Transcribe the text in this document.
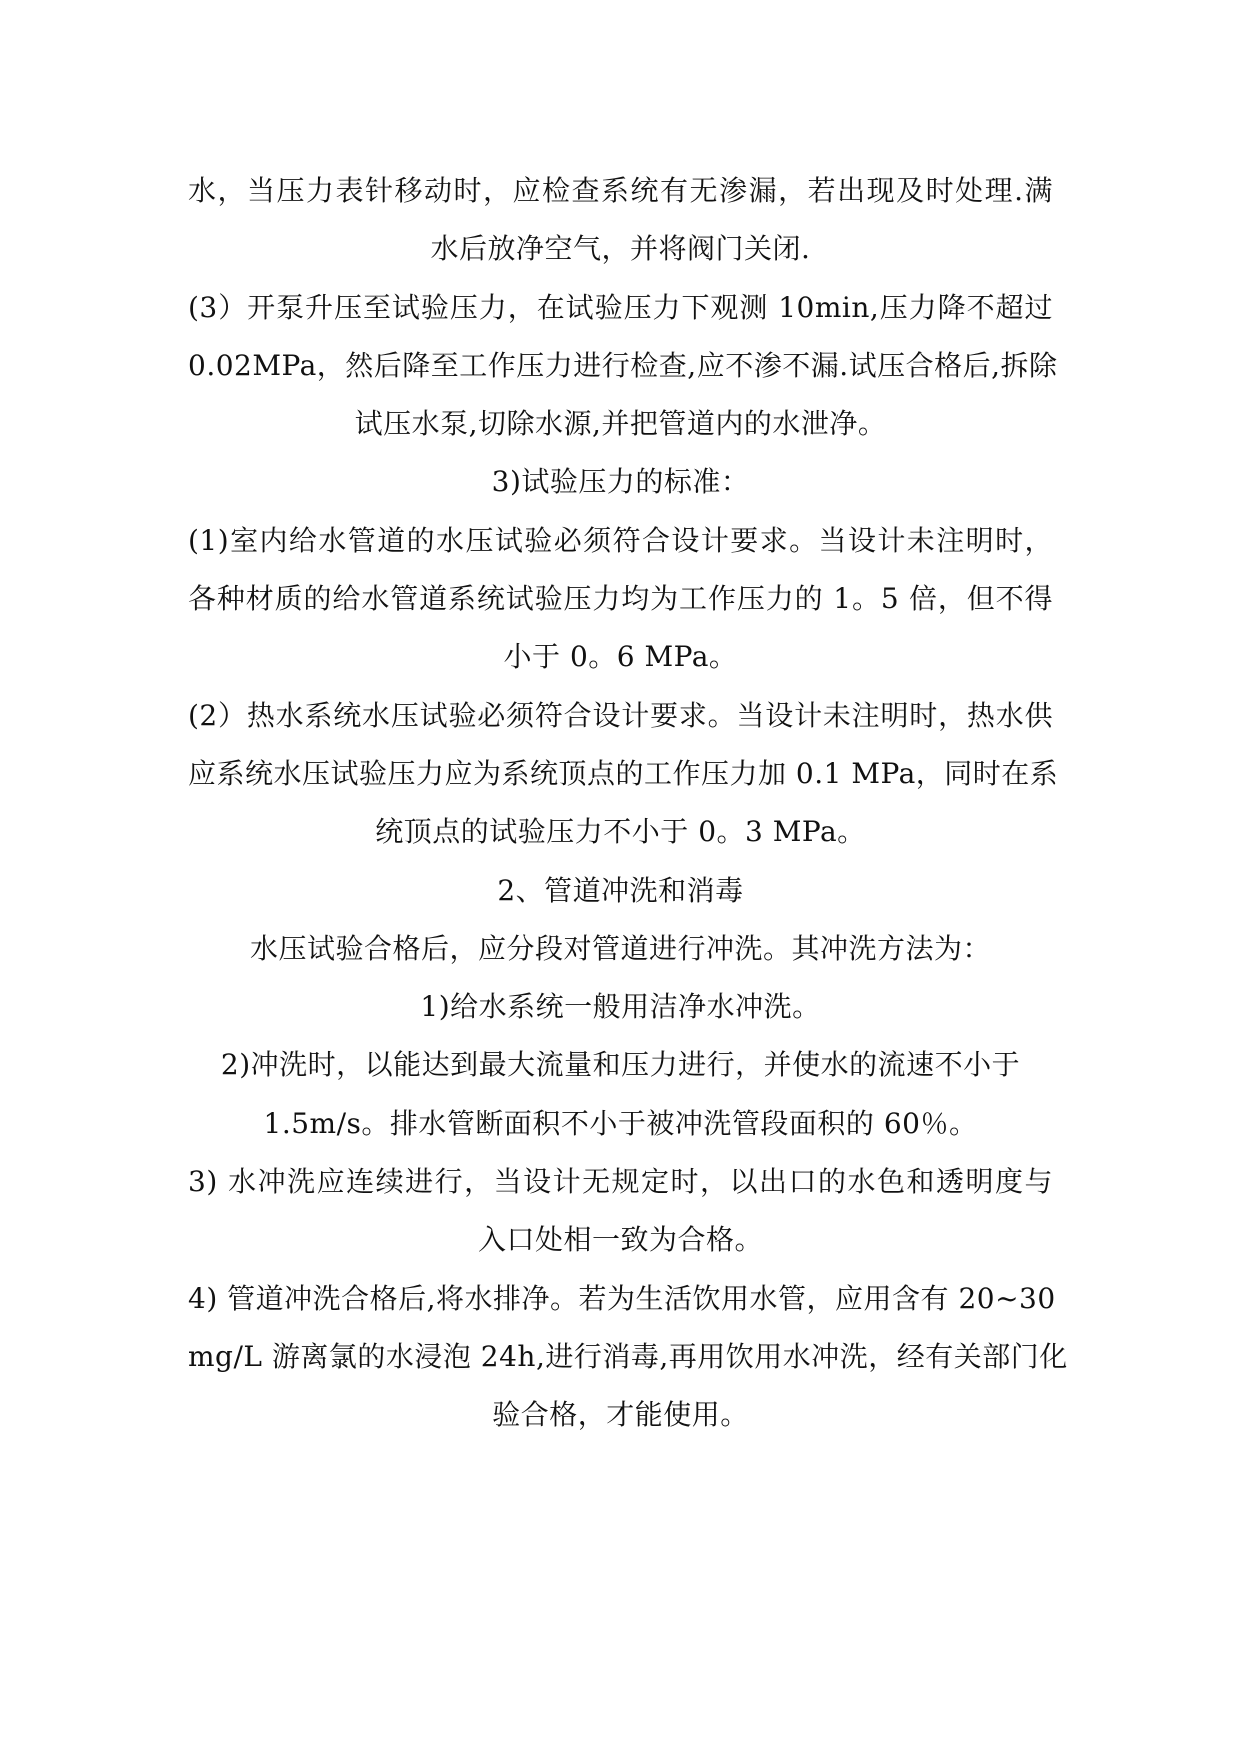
水，当压力表针移动时，应检查系统有无渗漏，若出现及时处理.满
水后放净空气，并将阀门关闭.
(3）开泵升压至试验压力，在试验压力下观测 10min,压力降不超过
0.02MPa，然后降至工作压力进行检查,应不渗不漏.试压合格后,拆除
试压水泵,切除水源,并把管道内的水泄净。
3)试验压力的标准：
(1)室内给水管道的水压试验必须符合设计要求。当设计未注明时，
各种材质的给水管道系统试验压力均为工作压力的 1。5 倍，但不得
小于 0。6 MPa。
(2）热水系统水压试验必须符合设计要求。当设计未注明时，热水供
应系统水压试验压力应为系统顶点的工作压力加 0.1 MPa，同时在系
统顶点的试验压力不小于 0。3 MPa。
2、管道冲洗和消毒
水压试验合格后，应分段对管道进行冲洗。其冲洗方法为：
1)给水系统一般用洁净水冲洗。
2)冲洗时，以能达到最大流量和压力进行，并使水的流速不小于
1.5m/s。排水管断面积不小于被冲洗管段面积的 60％。
3) 水冲洗应连续进行，当设计无规定时，以出口的水色和透明度与
入口处相一致为合格。
4) 管道冲洗合格后,将水排净。若为生活饮用水管，应用含有 20~30
mg/L 游离氯的水浸泡 24h,进行消毒,再用饮用水冲洗，经有关部门化
验合格，才能使用。
